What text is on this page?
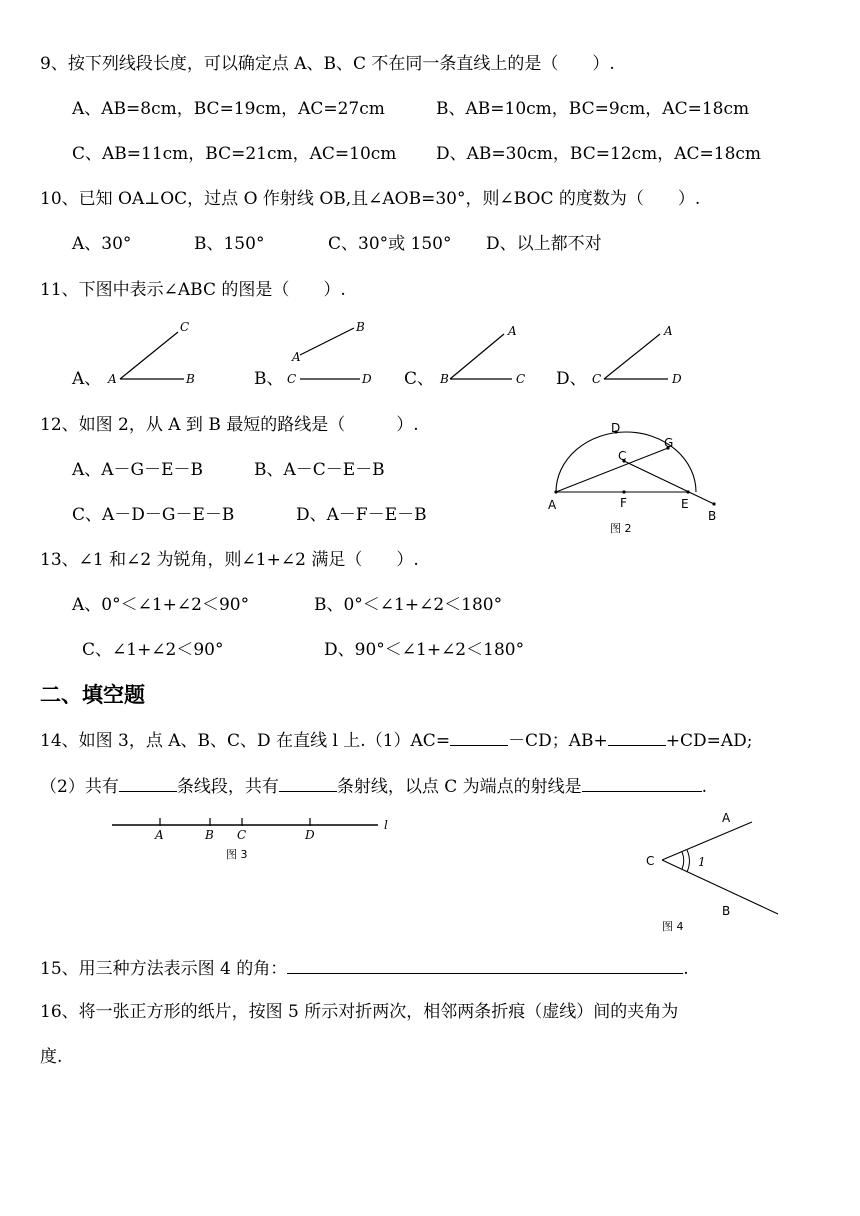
9、按下列线段长度，可以确定点 A、B、C 不在同一条直线上的是（　　）.
A、AB=8cm，BC=19cm，AC=27cm	B、AB=10cm，BC=9cm，AC=18cm
C、AB=11cm，BC=21cm，AC=10cm D、AB=30cm，BC=12cm，AC=18cm
10、已知 OA⊥OC，过点 O 作射线 OB,且∠AOB=30°，则∠BOC 的度数为（　　）.
A、30°	B、150°	C、30°或 150° D、以上都不对
11、下图中表示∠ABC 的图是（　　）.
A、	B、	C、	D、
A
C
B
A
B
C	D	B
A
C	C
A
D
12、如图 2，从 A 到 B 最短的路线是（　　　）.
A、A－G－E－B	B、A－C－E－B
C、A－D－G－E－B	D、A－F－E－B	A
B
C
D
E
F
G
图 2
13、∠1 和∠2 为锐角，则∠1+∠2 满足（　　）.
A、0°＜∠1+∠2＜90°	B、0°＜∠1+∠2＜180°
C、∠1+∠2＜90°	D、90°＜∠1+∠2＜180°
二、填空题
14、如图 3，点 A、B、C、D 在直线 l 上.（1）AC=	－CD；AB+	+CD=AD;
（2）共有	条线段，共有	条射线，以点 C 为端点的射线是	.
A	B C	D
l
图 3	C
A
B
1
图 4
15、用三种方法表示图 4 的角：	.
16、将一张正方形的纸片，按图 5 所示对折两次，相邻两条折痕（虚线）间的夹角为
度.
